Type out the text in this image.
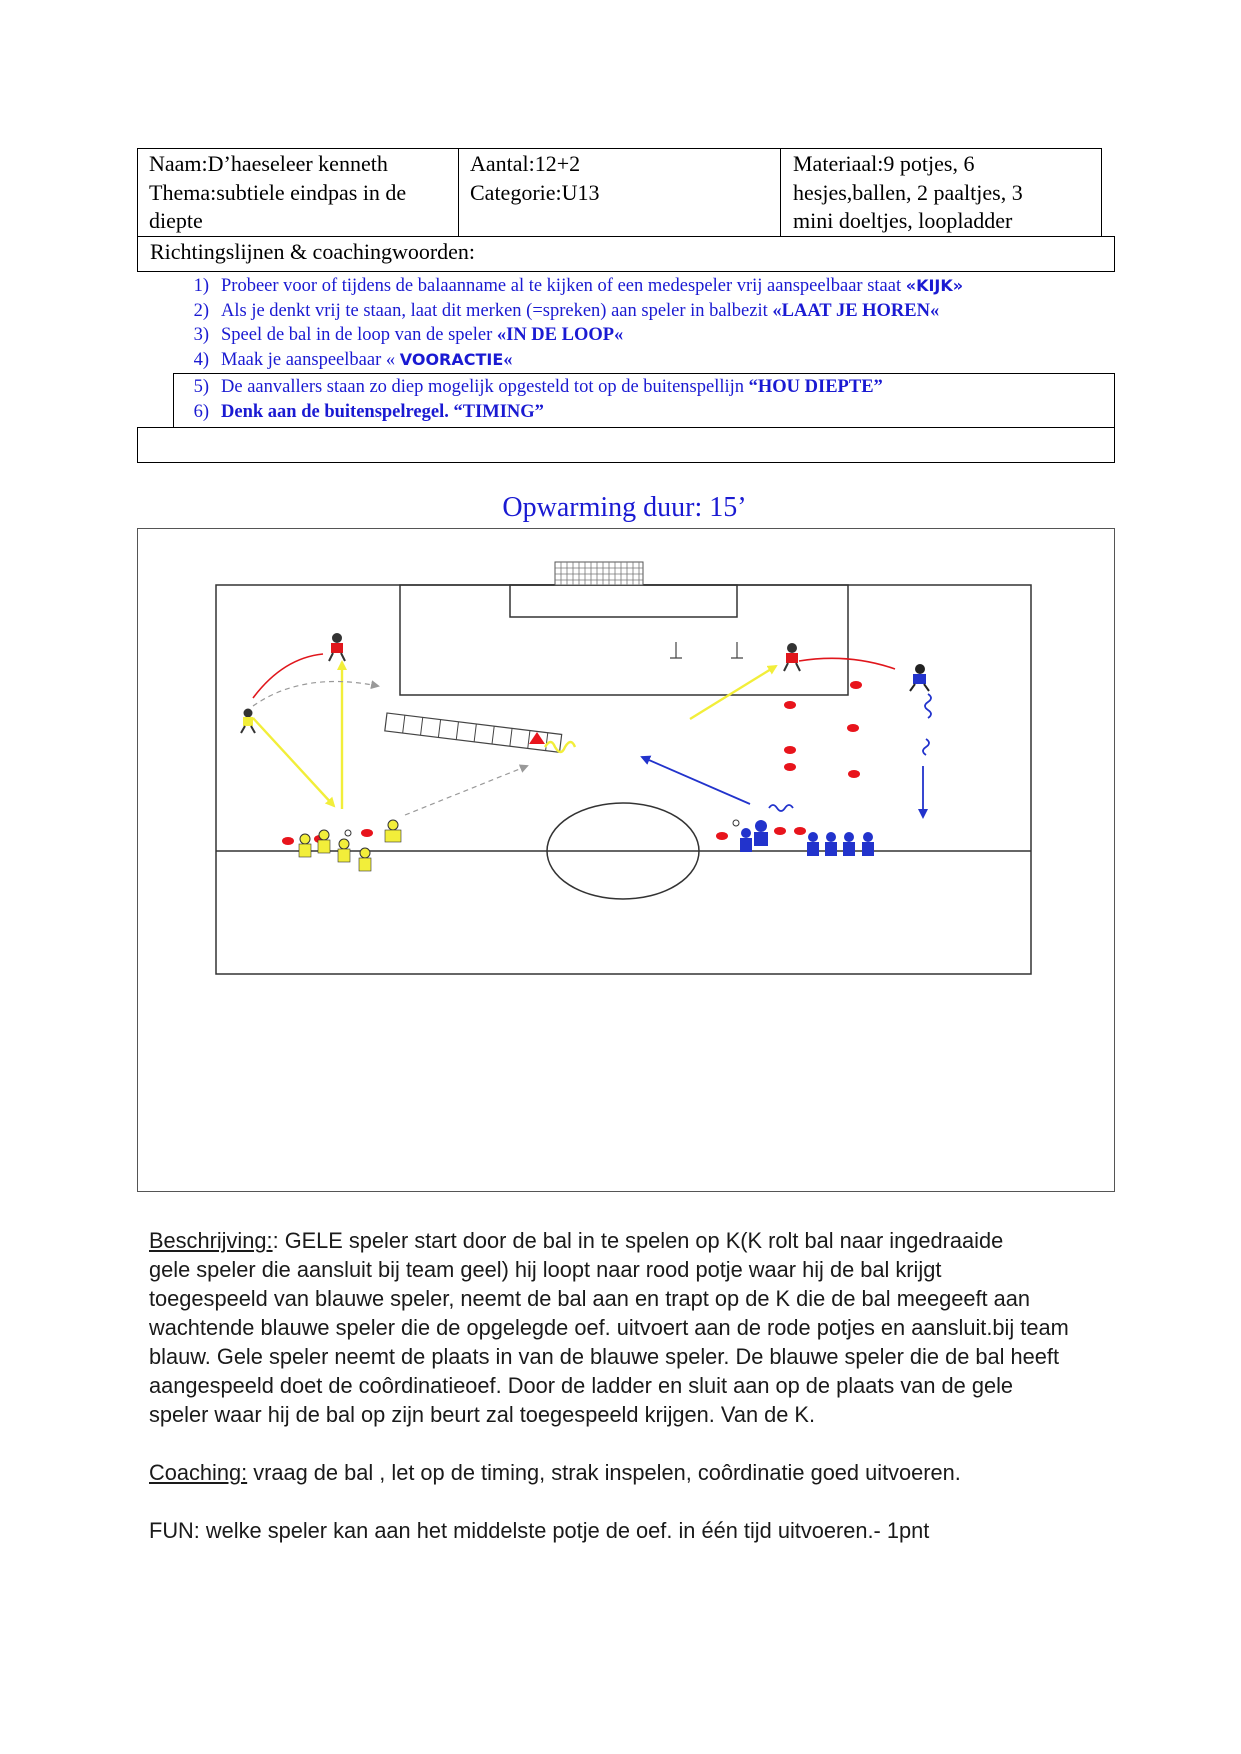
Naam:D’haeseleer kenneth
Thema:subtiele eindpas in de
diepte
Aantal:12+2
Categorie:U13
Materiaal:9 potjes, 6
hesjes,ballen, 2 paaltjes, 3
mini doeltjes, loopladder
Richtingslijnen & coachingwoorden:
1) Probeer voor of tijdens de balaanname al te kijken of een medespeler vrij aanspeelbaar staat «KIJK»
2) Als je denkt vrij te staan, laat dit merken (=spreken) aan speler in balbezit «LAAT JE HOREN«
3) Speel de bal in de loop van de speler «IN DE LOOP«
4) Maak je aanspeelbaar « VOORACTIE«
5) De aanvallers staan zo diep mogelijk opgesteld tot op de buitenspellijn “HOU DIEPTE”
6) Denk aan de buitenspelregel. “TIMING”
Opwarming duur: 15’

Beschrijving:: GELE speler start door de bal in te spelen op K(K rolt bal naar ingedraaide

gele speler die aansluit bij team geel) hij loopt naar rood potje waar hij de bal krijgt

toegespeeld van blauwe speler, neemt de bal aan en trapt op de K die de bal meegeeft aan

wachtende blauwe speler die de opgelegde oef. uitvoert aan de rode potjes en aansluit.bij team

blauw. Gele speler neemt de plaats in van de blauwe speler. De blauwe speler die de bal heeft

aangespeeld doet de coôrdinatieoef. Door de ladder en sluit aan op de plaats van de gele

speler waar hij de bal op zijn beurt zal toegespeeld krijgen. Van de K.

Coaching: vraag de bal , let op de timing, strak inspelen, coôrdinatie goed uitvoeren.
FUN: welke speler kan aan het middelste potje de oef. in één tijd uitvoeren.- 1pnt
